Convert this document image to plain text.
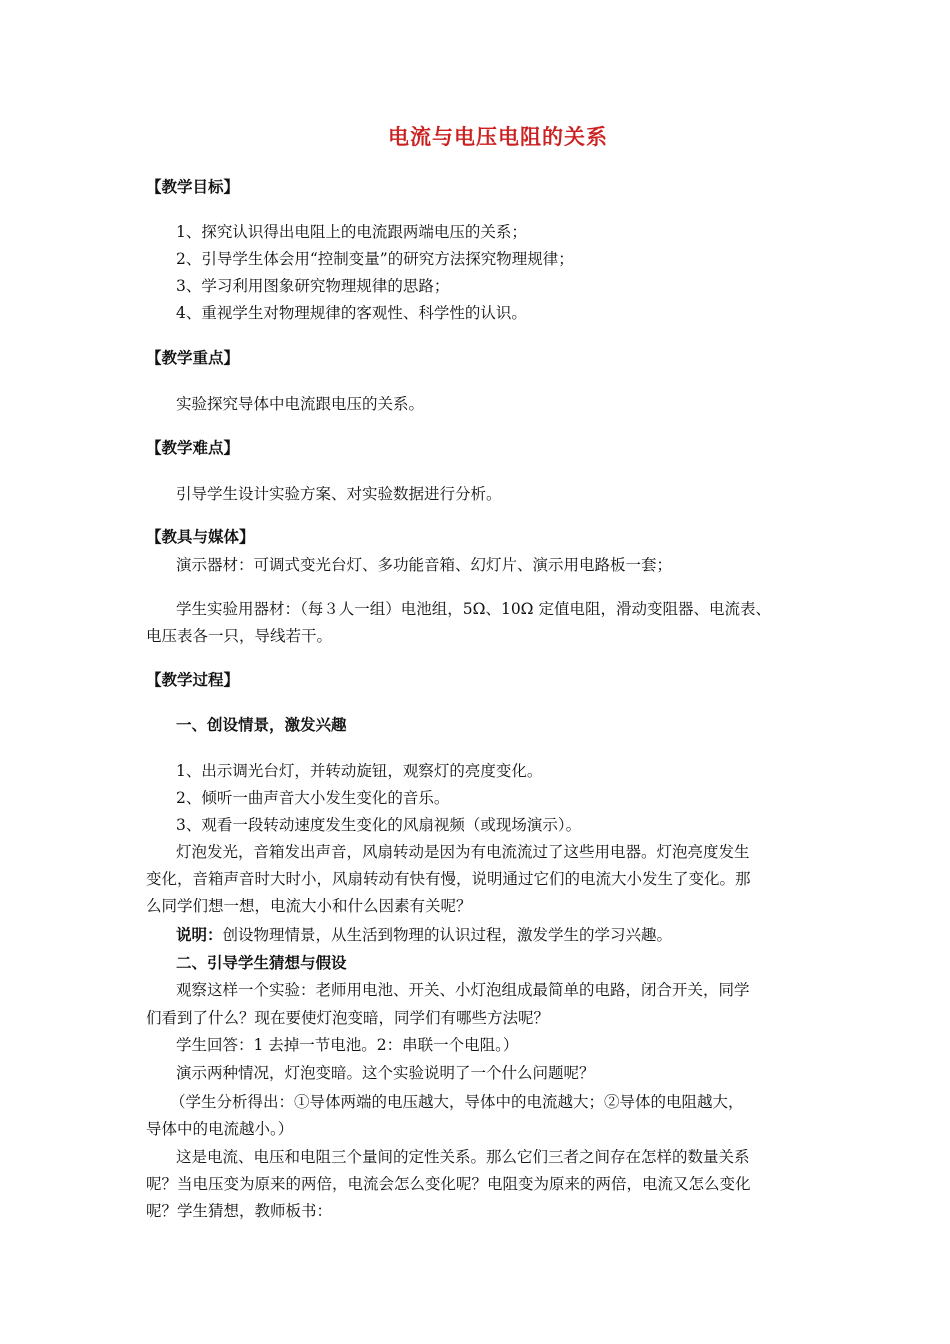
电流与电压电阻的关系
【教学目标】
1、探究认识得出电阻上的电流跟两端电压的关系；
2、引导学生体会用“控制变量”的研究方法探究物理规律；
3、学习利用图象研究物理规律的思路；
4、重视学生对物理规律的客观性、科学性的认识。
【教学重点】
实验探究导体中电流跟电压的关系。
【教学难点】
引导学生设计实验方案、对实验数据进行分析。
【教具与媒体】
演示器材：可调式变光台灯、多功能音箱、幻灯片、演示用电路板一套；
学生实验用器材：（每３人一组）电池组，5Ω、10Ω 定值电阻，滑动变阻器、电流表、
电压表各一只，导线若干。
【教学过程】
一、创设情景，激发兴趣
1、出示调光台灯，并转动旋钮，观察灯的亮度变化。
2、倾听一曲声音大小发生变化的音乐。
3、观看一段转动速度发生变化的风扇视频（或现场演示）。
灯泡发光，音箱发出声音，风扇转动是因为有电流流过了这些用电器。灯泡亮度发生
变化，音箱声音时大时小，风扇转动有快有慢，说明通过它们的电流大小发生了变化。那
么同学们想一想，电流大小和什么因素有关呢？
说明：创设物理情景，从生活到物理的认识过程，激发学生的学习兴趣。
二、引导学生猜想与假设
观察这样一个实验：老师用电池、开关、小灯泡组成最简单的电路，闭合开关，同学
们看到了什么？现在要使灯泡变暗，同学们有哪些方法呢？
学生回答：1 去掉一节电池。2：串联一个电阻。）
演示两种情况，灯泡变暗。这个实验说明了一个什么问题呢？
（学生分析得出：①导体两端的电压越大，导体中的电流越大；②导体的电阻越大，
导体中的电流越小。）
这是电流、电压和电阻三个量间的定性关系。那么它们三者之间存在怎样的数量关系
呢？当电压变为原来的两倍，电流会怎么变化呢？电阻变为原来的两倍，电流又怎么变化
呢？学生猜想，教师板书：
